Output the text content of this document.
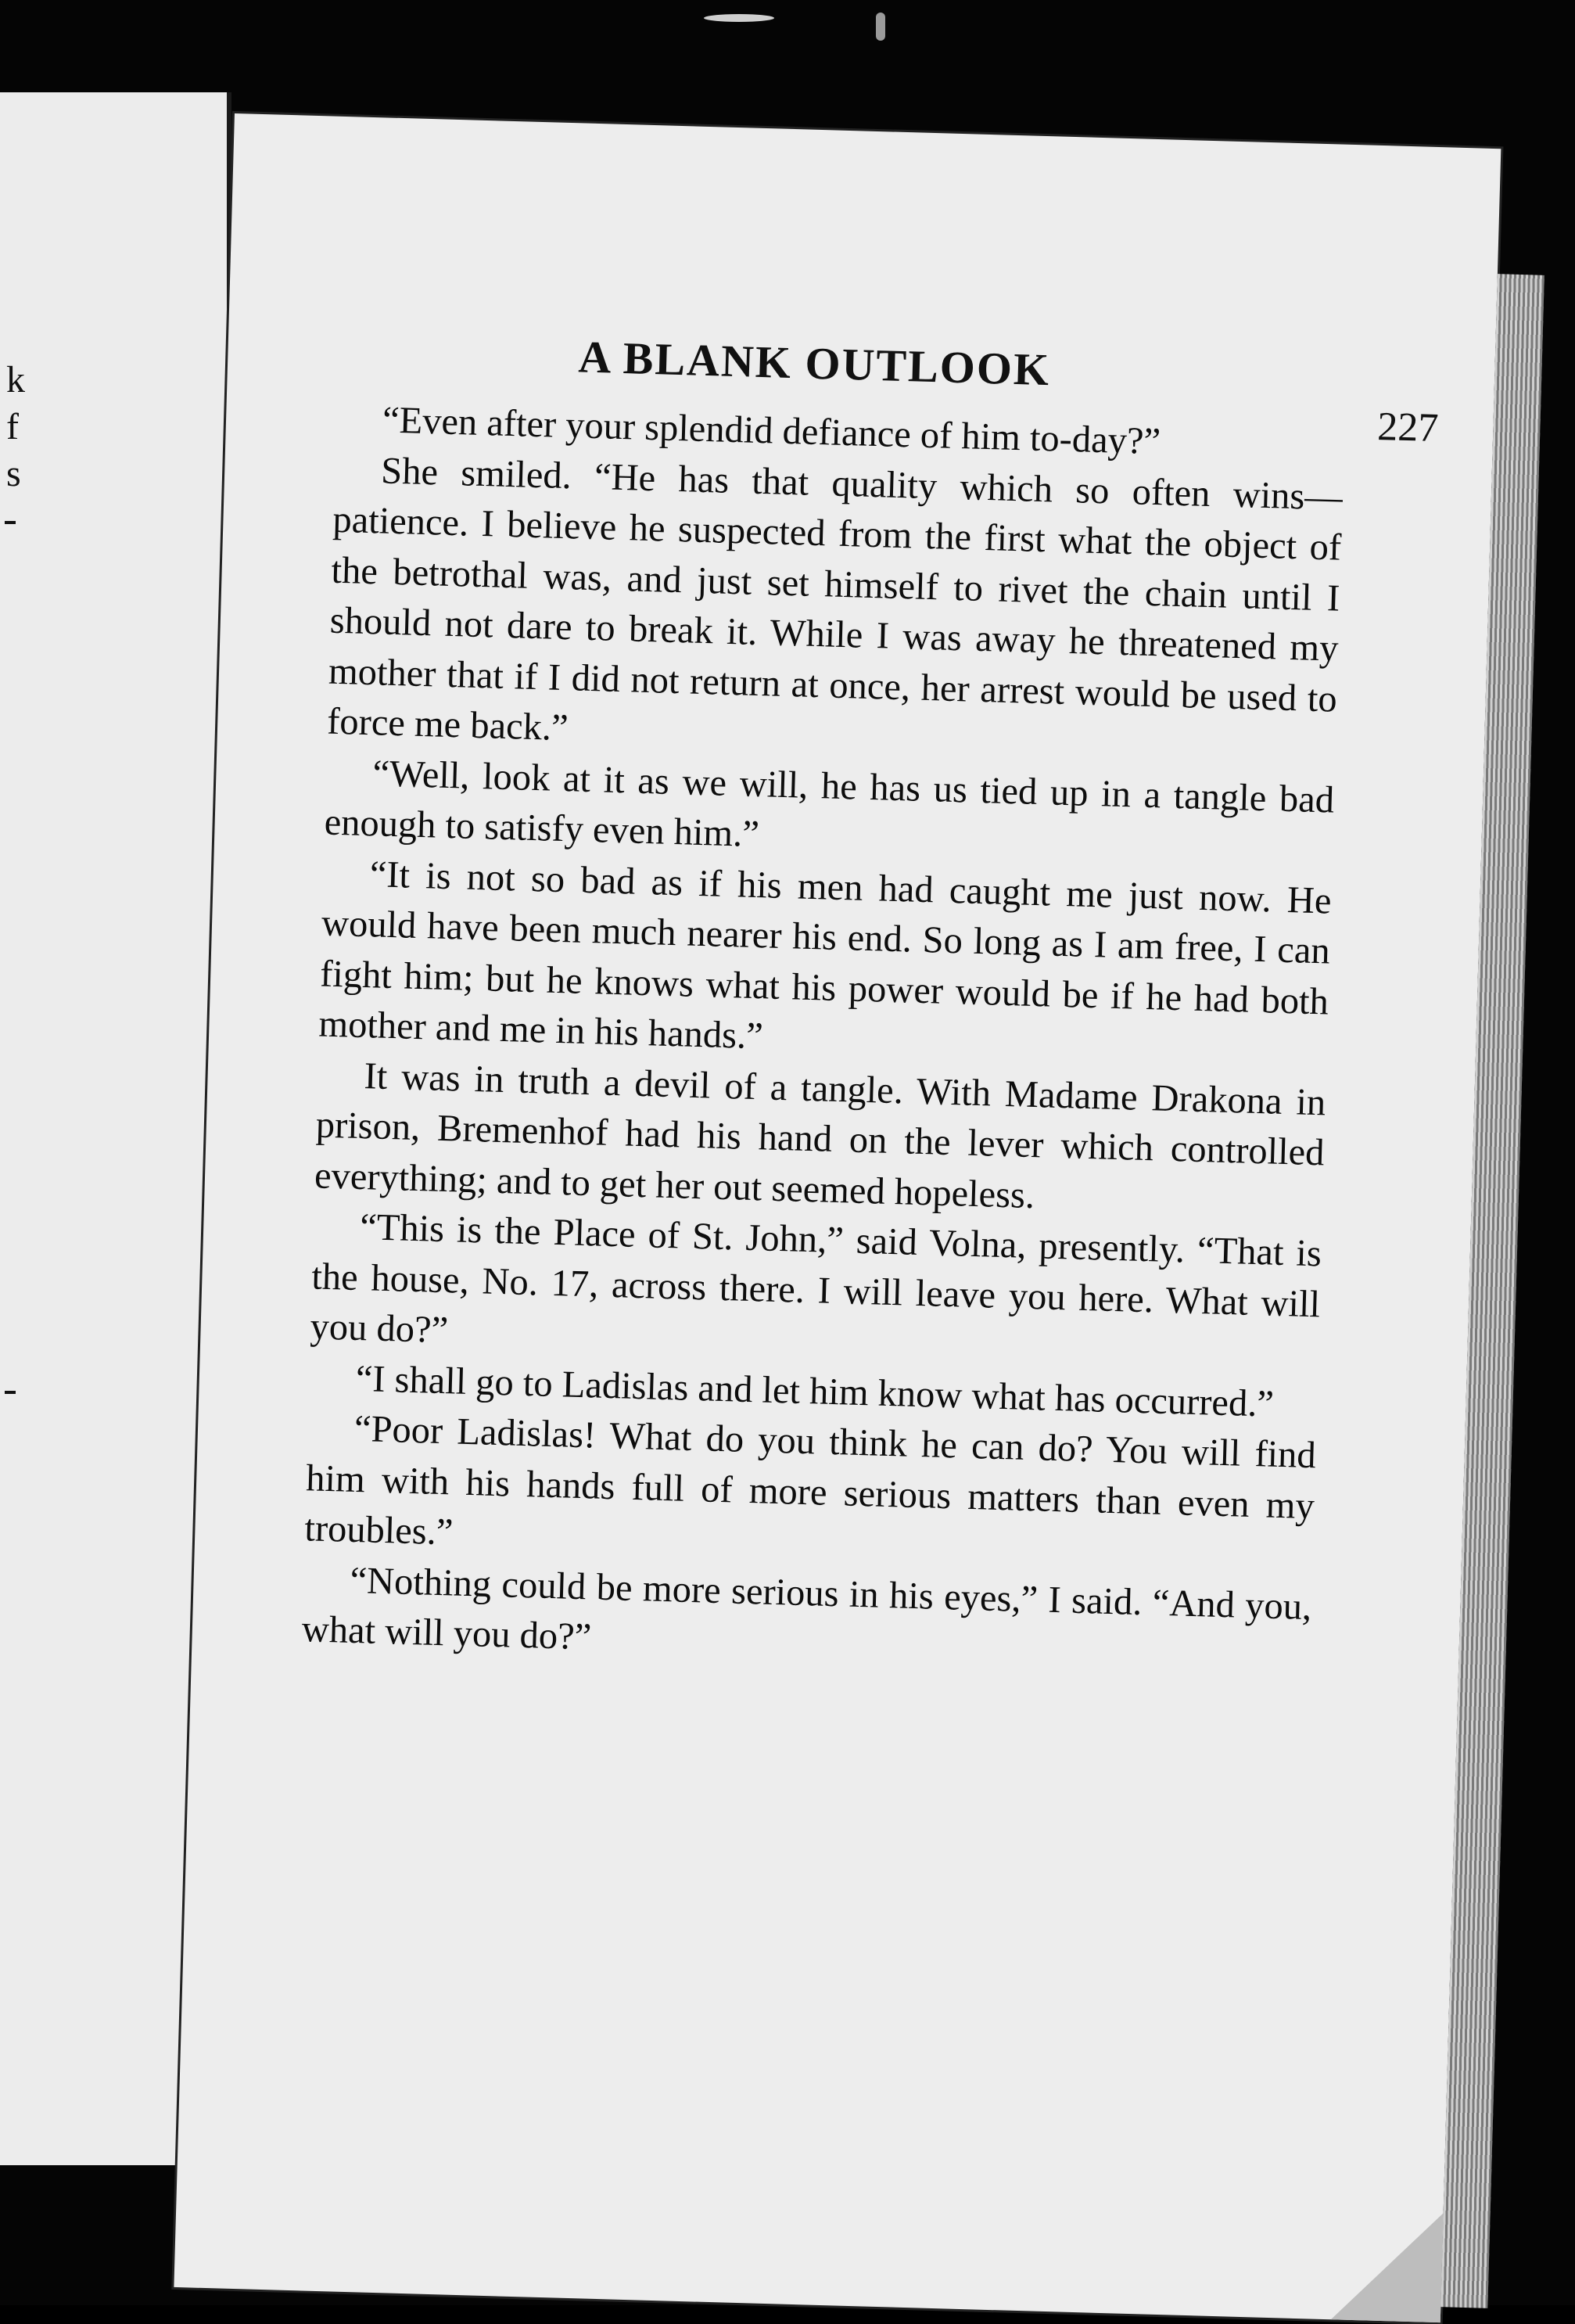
k
f
s
A BLANK OUTLOOK
227

“Even after your splendid defiance of him to-day?”

She smiled. “He has that quality which so often wins—patience. I believe he suspected from the first what the object of the betrothal was, and just set himself to rivet the chain until I should not dare to break it. While I was away he threatened my mother that if I did not return at once, her arrest would be used to force me back.”

“Well, look at it as we will, he has us tied up in a tangle bad enough to satisfy even him.”

“It is not so bad as if his men had caught me just now. He would have been much nearer his end. So long as I am free, I can fight him; but he knows what his power would be if he had both mother and me in his hands.”

It was in truth a devil of a tangle. With Madame Drakona in prison, Bremenhof had his hand on the lever which controlled everything; and to get her out seemed hopeless.

“This is the Place of St. John,” said Volna, presently. “That is the house, No. 17, across there. I will leave you here. What will you do?”

“I shall go to Ladislas and let him know what has occurred.”

“Poor Ladislas! What do you think he can do? You will find him with his hands full of more serious matters than even my troubles.”

“Nothing could be more serious in his eyes,” I said. “And you, what will you do?”
